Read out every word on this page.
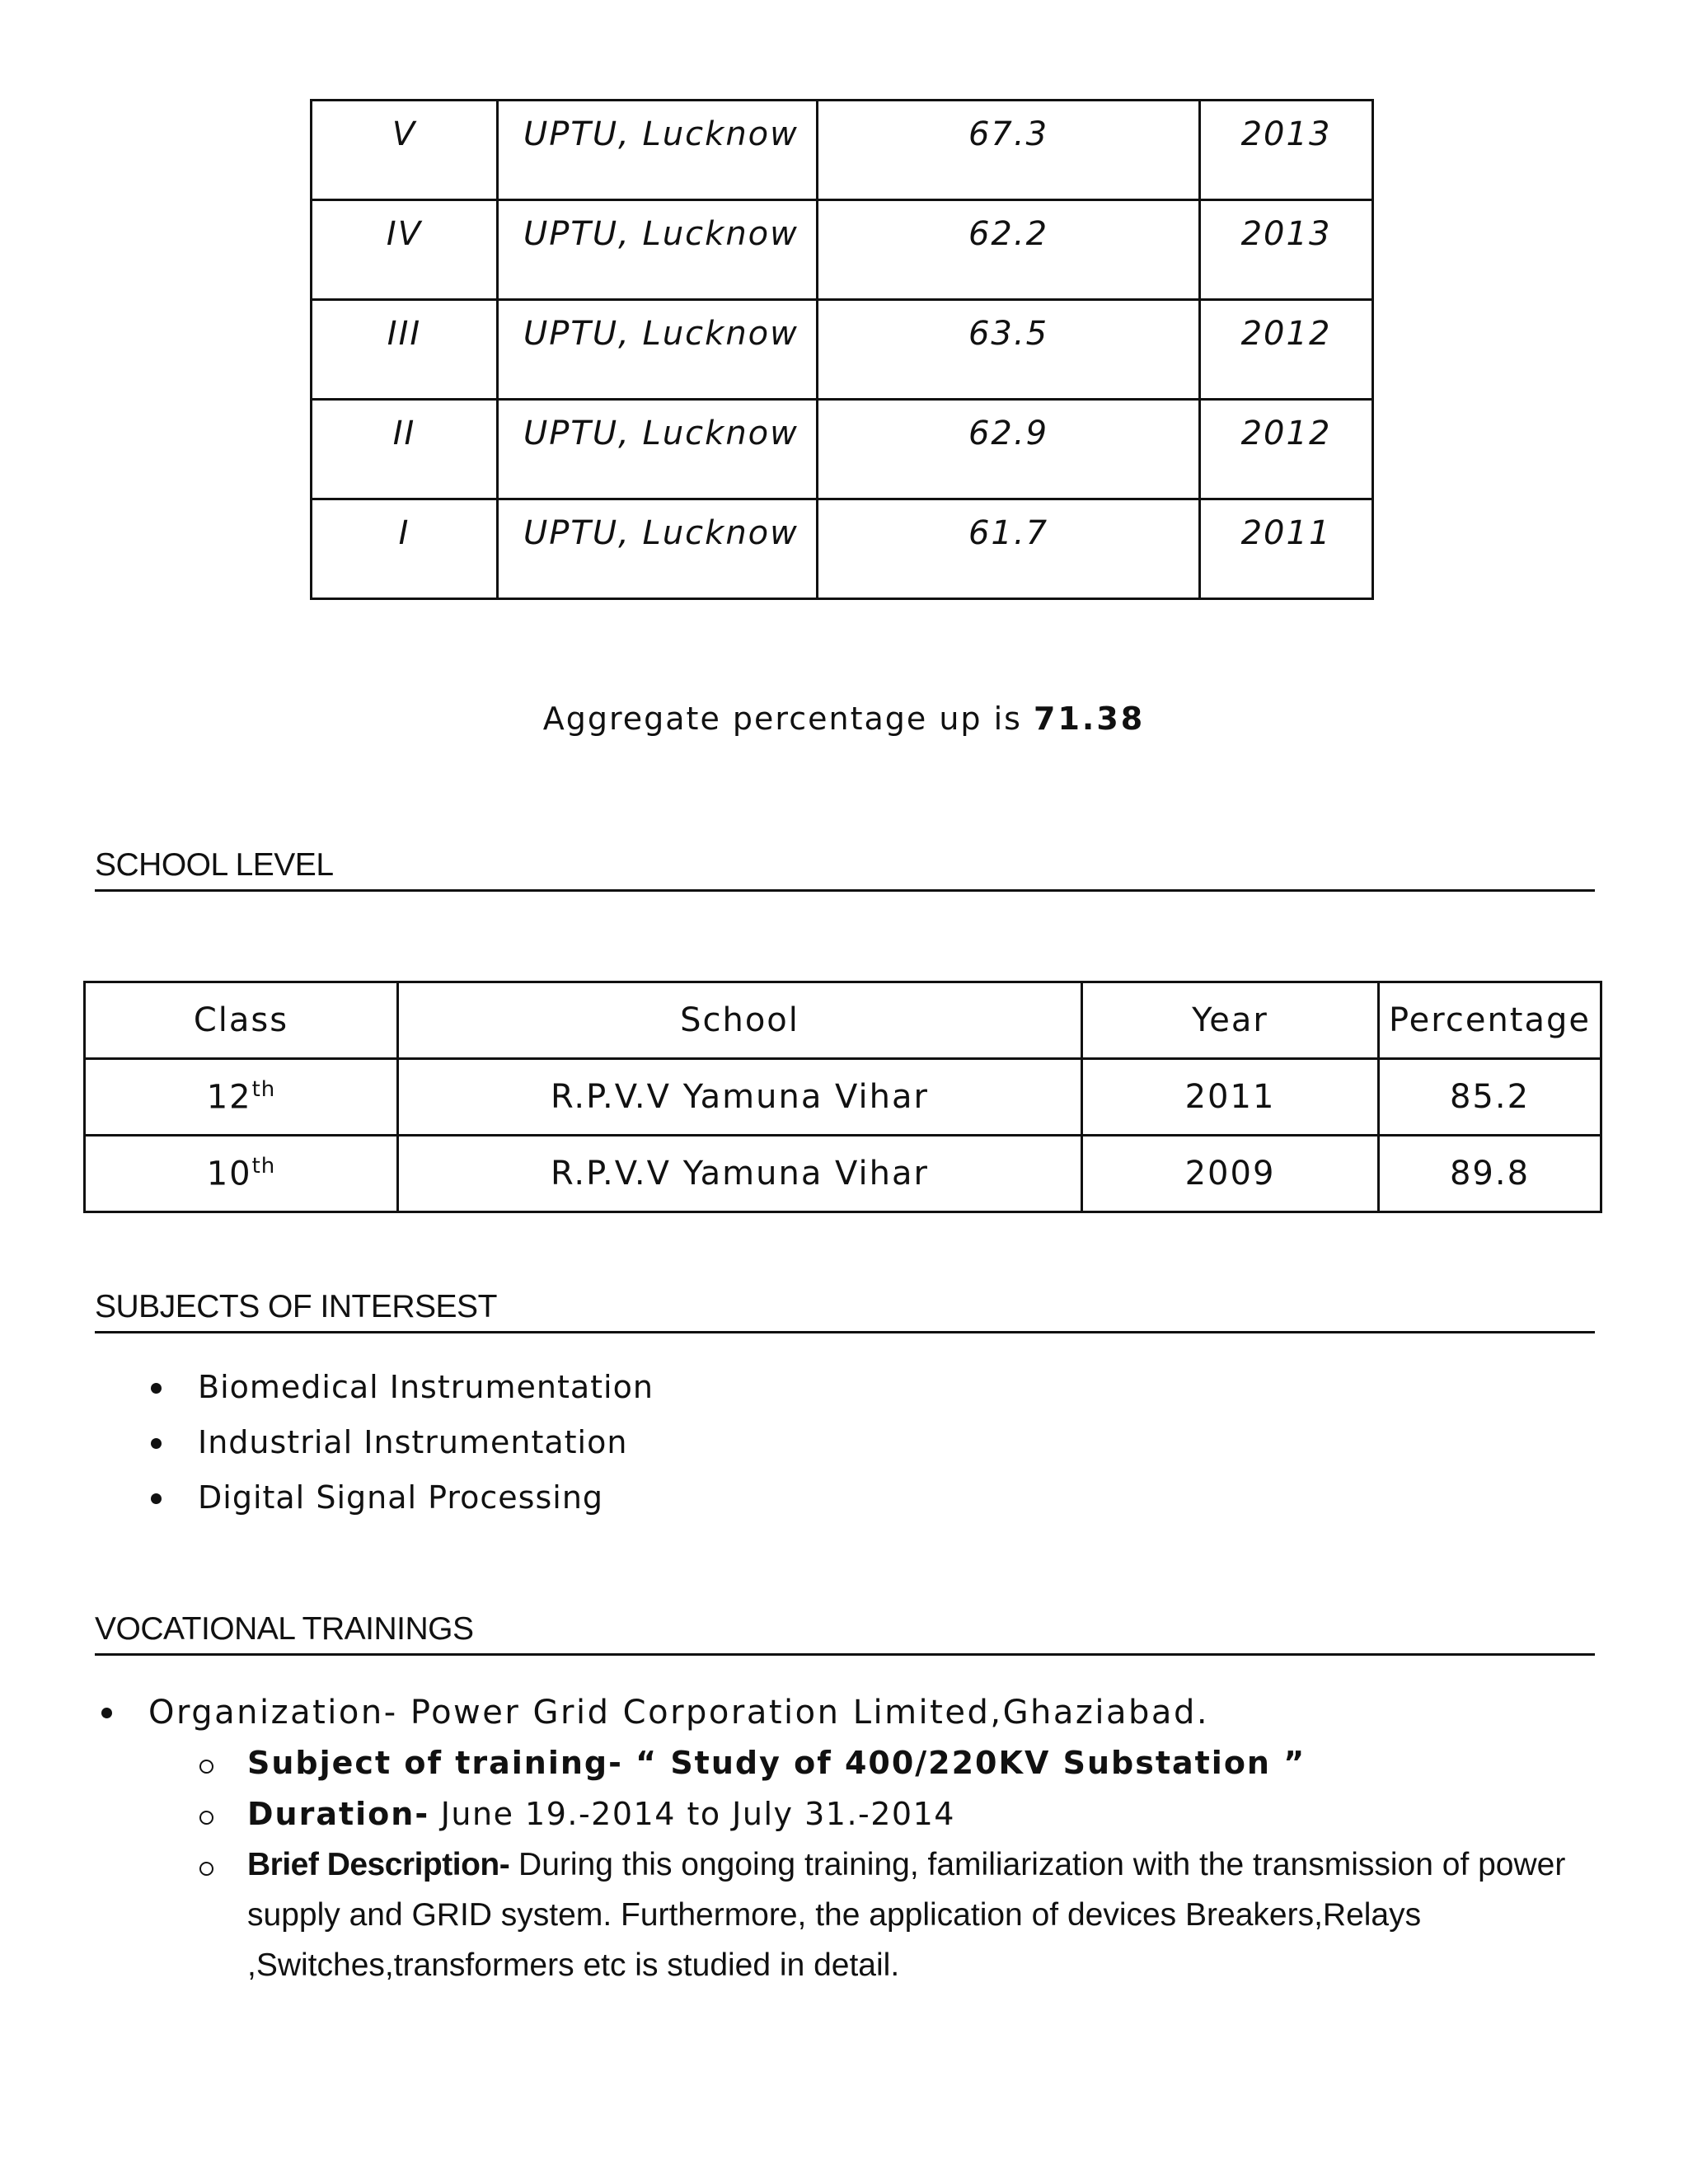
V	UPTU, Lucknow	67.3	2013

IV	UPTU, Lucknow	62.2	2013

III	UPTU, Lucknow	63.5	2012

II	UPTU, Lucknow	62.9	2012

I	UPTU, Lucknow	61.7	2011
Aggregate percentage up is 71.38
SCHOOL LEVEL
Class	School	Year	Percentage
12th	R.P.V.V Yamuna Vihar	2011	85.2
10th	R.P.V.V Yamuna Vihar	2009	89.8
SUBJECTS OF INTERSEST
Biomedical Instrumentation
Industrial Instrumentation
Digital Signal Processing
VOCATIONAL TRAININGS
Organization- Power Grid Corporation Limited,Ghaziabad.
Subject of training- “ Study of 400/220KV Substation ”
Duration- June 19.-2014 to July 31.-2014
Brief Description- During this ongoing training, familiarization with the transmission of power supply and GRID system. Furthermore, the application of devices Breakers,Relays ,Switches,transformers etc is studied in detail.
